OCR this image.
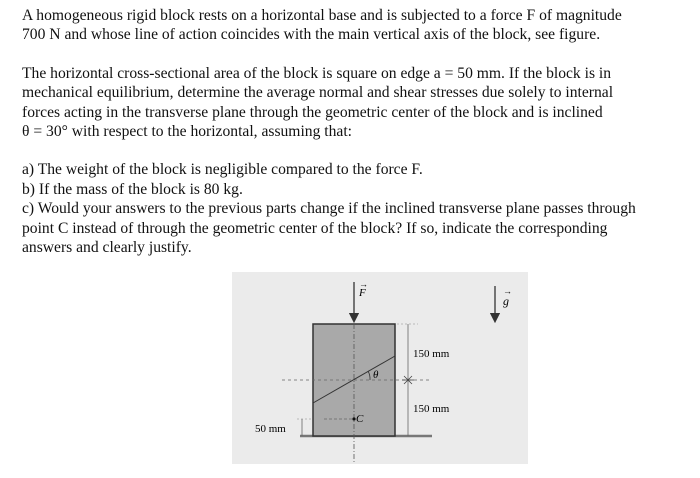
A homogeneous rigid block rests on a horizontal base and is subjected to a force F of magnitude

700 N and whose line of action coincides with the main vertical axis of the block, see figure.

The horizontal cross-sectional area of the block is square on edge a = 50 mm. If the block is in

mechanical equilibrium, determine the average normal and shear stresses due solely to internal

forces acting in the transverse plane through the geometric center of the block and is inclined

θ = 30° with respect to the horizontal, assuming that:

a) The weight of the block is negligible compared to the force F.

b) If the mass of the block is 80 kg.

c) Would your answers to the previous parts change if the inclined transverse plane passes through

point C instead of through the geometric center of the block? If so, indicate the corresponding

answers and clearly justify.

θ
C
F
→
g
→
150 mm
150 mm
50 mm
